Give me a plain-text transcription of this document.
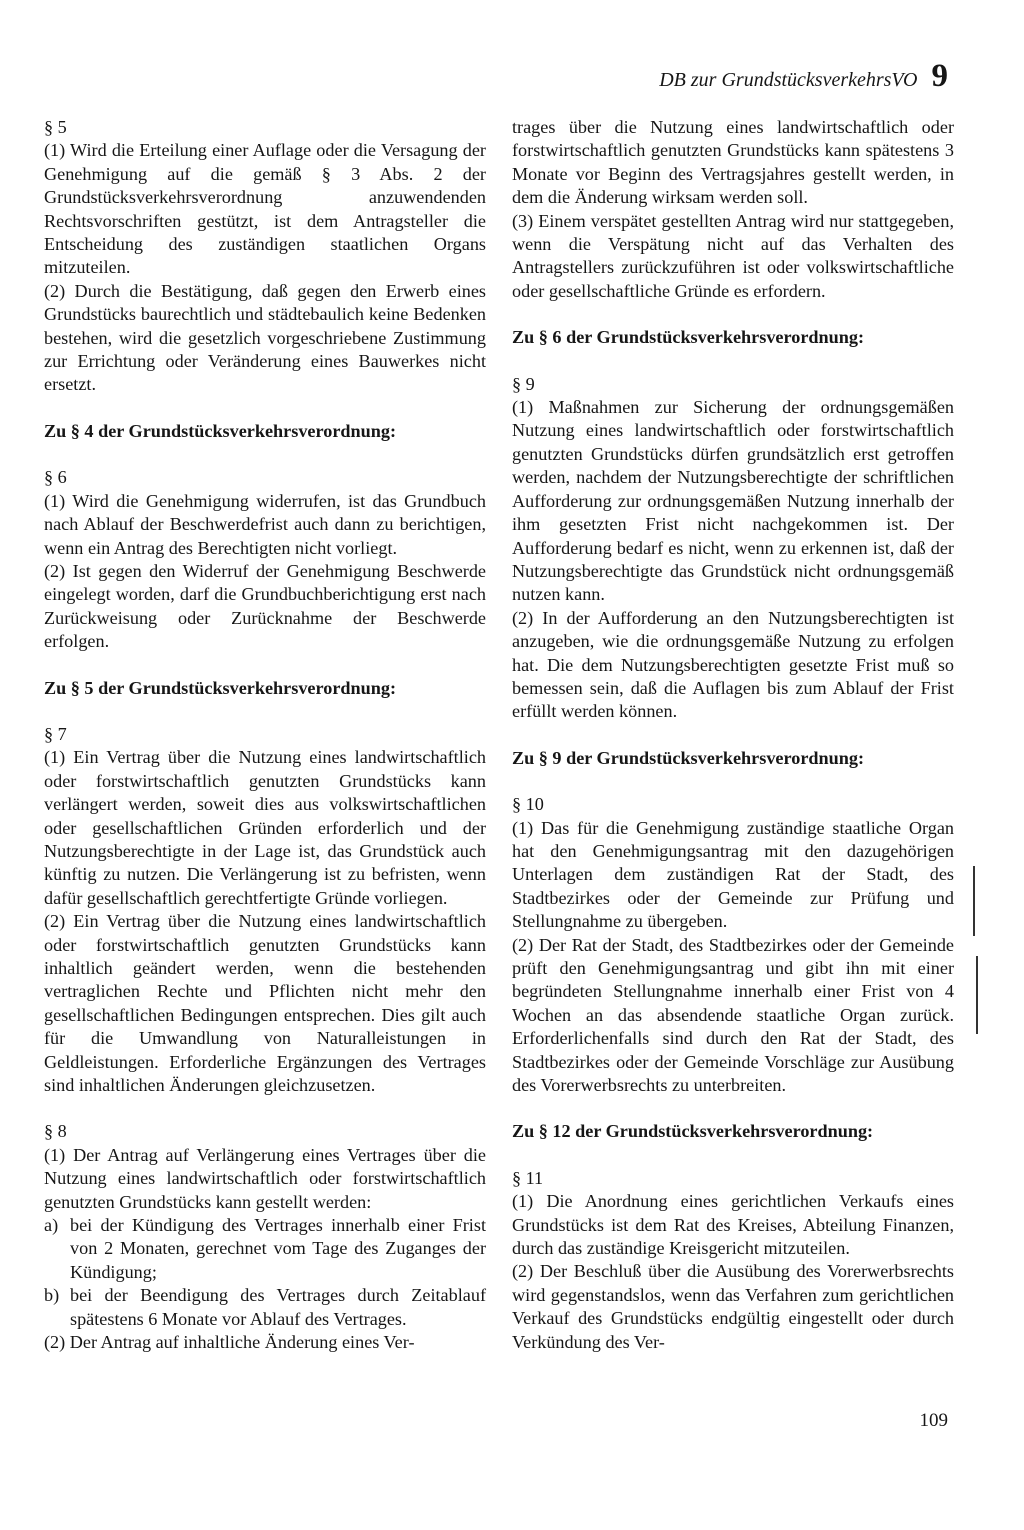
DB zur GrundstücksverkehrsVO 9

§ 5

(1) Wird die Erteilung einer Auflage oder die Versagung der Genehmigung auf die gemäß § 3 Abs. 2 der Grundstücksverkehrsverordnung anzuwendenden Rechtsvorschriften gestützt, ist dem Antragsteller die Entscheidung des zuständigen staatlichen Organs mitzuteilen.

(2) Durch die Bestätigung, daß gegen den Erwerb eines Grundstücks baurechtlich und städtebaulich keine Bedenken bestehen, wird die gesetzlich vorgeschriebene Zustimmung zur Errichtung oder Veränderung eines Bauwerkes nicht ersetzt.

Zu § 4 der Grundstücksverkehrsverordnung:

§ 6

(1) Wird die Genehmigung widerrufen, ist das Grundbuch nach Ablauf der Beschwerdefrist auch dann zu berichtigen, wenn ein Antrag des Berechtigten nicht vorliegt.

(2) Ist gegen den Widerruf der Genehmigung Beschwerde eingelegt worden, darf die Grundbuchberichtigung erst nach Zurückweisung oder Zurücknahme der Beschwerde erfolgen.

Zu § 5 der Grundstücksverkehrsverordnung:

§ 7

(1) Ein Vertrag über die Nutzung eines landwirtschaftlich oder forstwirtschaftlich genutzten Grundstücks kann verlängert werden, soweit dies aus volkswirtschaftlichen oder gesellschaftlichen Gründen erforderlich und der Nutzungsberechtigte in der Lage ist, das Grundstück auch künftig zu nutzen. Die Verlängerung ist zu befristen, wenn dafür gesellschaftlich gerechtfertigte Gründe vorliegen.

(2) Ein Vertrag über die Nutzung eines landwirtschaftlich oder forstwirtschaftlich genutzten Grundstücks kann inhaltlich geändert werden, wenn die bestehenden vertraglichen Rechte und Pflichten nicht mehr den gesellschaftlichen Bedingungen entsprechen. Dies gilt auch für die Umwandlung von Naturalleistungen in Geldleistungen. Erforderliche Ergänzungen des Vertrages sind inhaltlichen Änderungen gleichzusetzen.

§ 8

(1) Der Antrag auf Verlängerung eines Vertrages über die Nutzung eines landwirtschaftlich oder forstwirtschaftlich genutzten Grundstücks kann gestellt werden:

a) bei der Kündigung des Vertrages innerhalb einer Frist von 2 Monaten, gerechnet vom Tage des Zuganges der Kündigung;
b) bei der Beendigung des Vertrages durch Zeitablauf spätestens 6 Monate vor Ablauf des Vertrages.

(2) Der Antrag auf inhaltliche Änderung eines Ver-

trages über die Nutzung eines landwirtschaftlich oder forstwirtschaftlich genutzten Grundstücks kann spätestens 3 Monate vor Beginn des Vertragsjahres gestellt werden, in dem die Änderung wirksam werden soll.

(3) Einem verspätet gestellten Antrag wird nur stattgegeben, wenn die Verspätung nicht auf das Verhalten des Antragstellers zurückzuführen ist oder volkswirtschaftliche oder gesellschaftliche Gründe es erfordern.

Zu § 6 der Grundstücksverkehrsverordnung:

§ 9

(1) Maßnahmen zur Sicherung der ordnungsgemäßen Nutzung eines landwirtschaftlich oder forstwirtschaftlich genutzten Grundstücks dürfen grundsätzlich erst getroffen werden, nachdem der Nutzungsberechtigte der schriftlichen Aufforderung zur ordnungsgemäßen Nutzung innerhalb der ihm gesetzten Frist nicht nachgekommen ist. Der Aufforderung bedarf es nicht, wenn zu erkennen ist, daß der Nutzungsberechtigte das Grundstück nicht ordnungsgemäß nutzen kann.

(2) In der Aufforderung an den Nutzungsberechtigten ist anzugeben, wie die ordnungsgemäße Nutzung zu erfolgen hat. Die dem Nutzungsberechtigten gesetzte Frist muß so bemessen sein, daß die Auflagen bis zum Ablauf der Frist erfüllt werden können.

Zu § 9 der Grundstücksverkehrsverordnung:

§ 10

(1) Das für die Genehmigung zuständige staatliche Organ hat den Genehmigungsantrag mit den dazugehörigen Unterlagen dem zuständigen Rat der Stadt, des Stadtbezirkes oder der Gemeinde zur Prüfung und Stellungnahme zu übergeben.

(2) Der Rat der Stadt, des Stadtbezirkes oder der Gemeinde prüft den Genehmigungsantrag und gibt ihn mit einer begründeten Stellungnahme innerhalb einer Frist von 4 Wochen an das absendende staatliche Organ zurück. Erforderlichenfalls sind durch den Rat der Stadt, des Stadtbezirkes oder der Gemeinde Vorschläge zur Ausübung des Vorerwerbsrechts zu unterbreiten.

Zu § 12 der Grundstücksverkehrsverordnung:

§ 11

(1) Die Anordnung eines gerichtlichen Verkaufs eines Grundstücks ist dem Rat des Kreises, Abteilung Finanzen, durch das zuständige Kreisgericht mitzuteilen.

(2) Der Beschluß über die Ausübung des Vorerwerbsrechts wird gegenstandslos, wenn das Verfahren zum gerichtlichen Verkauf des Grundstücks endgültig eingestellt oder durch Verkündung des Ver-

109
